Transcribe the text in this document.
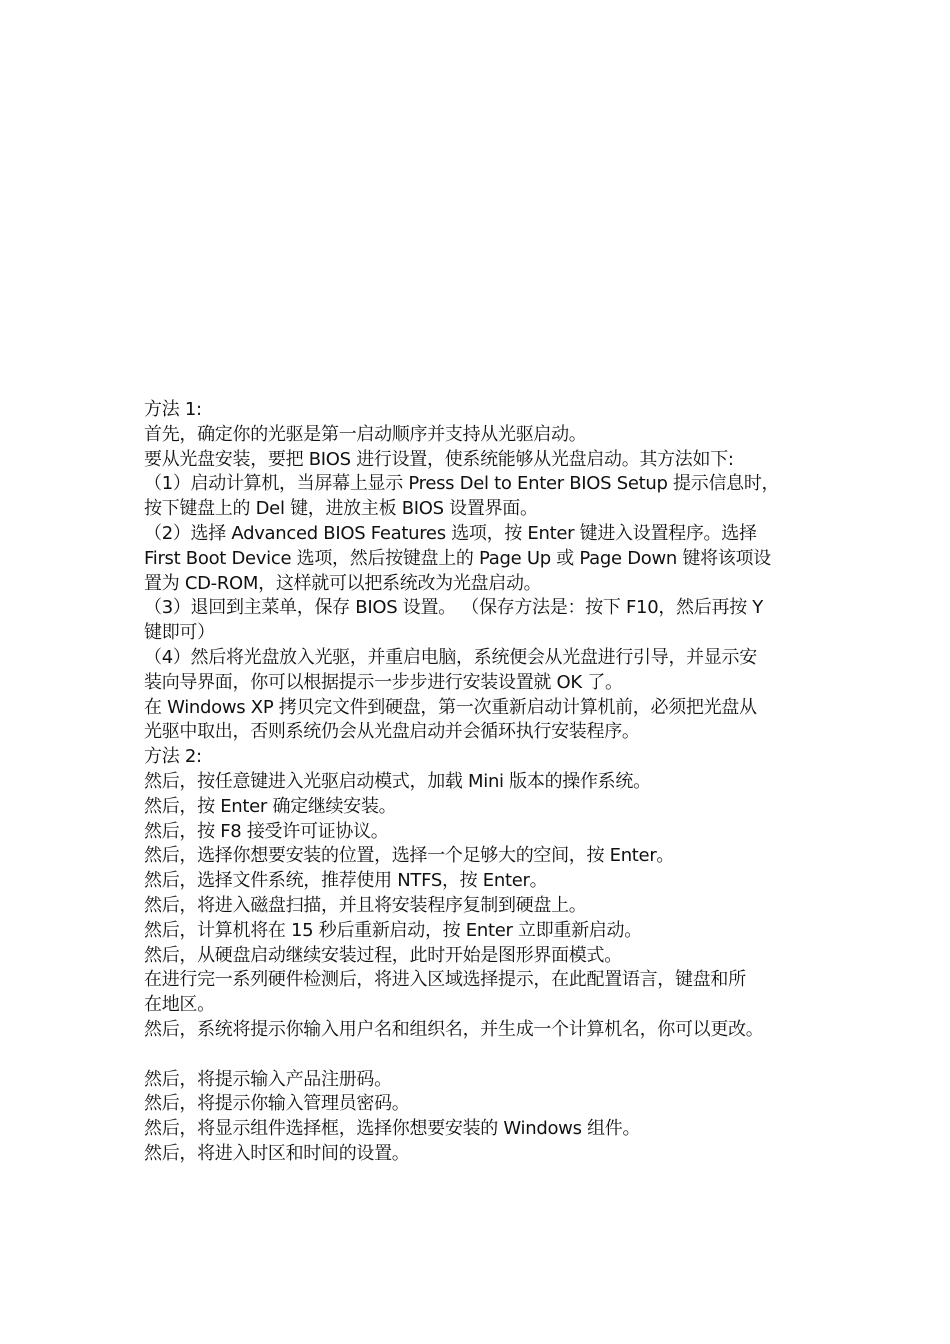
方法 1:
首先，确定你的光驱是第一启动顺序并支持从光驱启动。
要从光盘安装，要把 BIOS 进行设置，使系统能够从光盘启动。其方法如下:
（1）启动计算机，当屏幕上显示 Press Del to Enter BIOS Setup 提示信息时，
按下键盘上的 Del 键，进放主板 BIOS 设置界面。
（2）选择 Advanced BIOS Features 选项，按 Enter 键进入设置程序。选择
First Boot Device 选项，然后按键盘上的 Page Up 或 Page Down 键将该项设
置为 CD-ROM，这样就可以把系统改为光盘启动。
（3）退回到主菜单，保存 BIOS 设置。 （保存方法是：按下 F10，然后再按 Y
键即可）
（4）然后将光盘放入光驱，并重启电脑，系统便会从光盘进行引导，并显示安
装向导界面，你可以根据提示一步步进行安装设置就 OK 了。
在 Windows XP 拷贝完文件到硬盘，第一次重新启动计算机前，必须把光盘从
光驱中取出，否则系统仍会从光盘启动并会循环执行安装程序。
方法 2:
然后，按任意键进入光驱启动模式，加载 Mini 版本的操作系统。
然后，按 Enter 确定继续安装。
然后，按 F8 接受许可证协议。
然后，选择你想要安装的位置，选择一个足够大的空间，按 Enter。
然后，选择文件系统，推荐使用 NTFS，按 Enter。
然后，将进入磁盘扫描，并且将安装程序复制到硬盘上。
然后，计算机将在 15 秒后重新启动，按 Enter 立即重新启动。
然后，从硬盘启动继续安装过程，此时开始是图形界面模式。
在进行完一系列硬件检测后，将进入区域选择提示，在此配置语言，键盘和所
在地区。
然后，系统将提示你输入用户名和组织名，并生成一个计算机名，你可以更改。
然后，将提示输入产品注册码。
然后，将提示你输入管理员密码。
然后，将显示组件选择框，选择你想要安装的 Windows 组件。
然后，将进入时区和时间的设置。
